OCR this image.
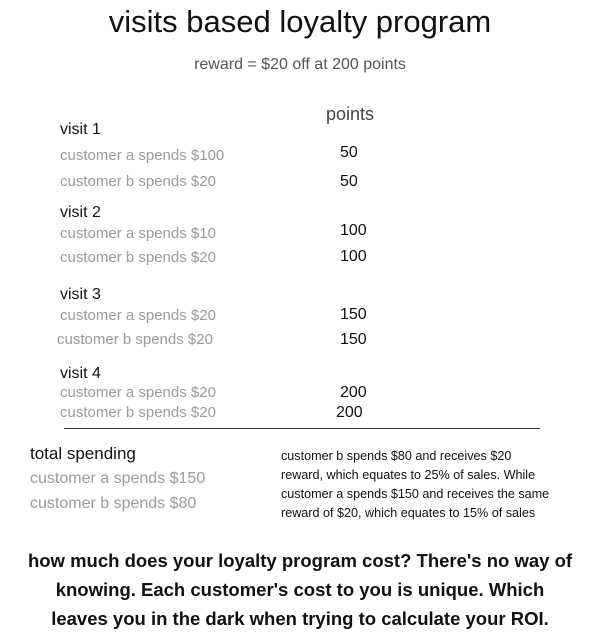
visits based loyalty program
reward = $20 off at 200 points
points
visit 1
customer a spends $100	50
customer b spends $20	50
visit 2
customer a spends $10	100
customer b spends $20	100
visit 3
customer a spends $20	150
customer b spends $20	150
visit 4
customer a spends $20	200
customer b spends $20	200
total spending
customer a spends $150
customer b spends $80

customer b spends $80 and receives $20

reward, which equates to 25% of sales. While

customer a spends $150 and receives the same

reward of $20, which equates to 15% of sales

how much does your loyalty program cost? There's no way of

knowing. Each customer's cost to you is unique. Which

leaves you in the dark when trying to calculate your ROI.
